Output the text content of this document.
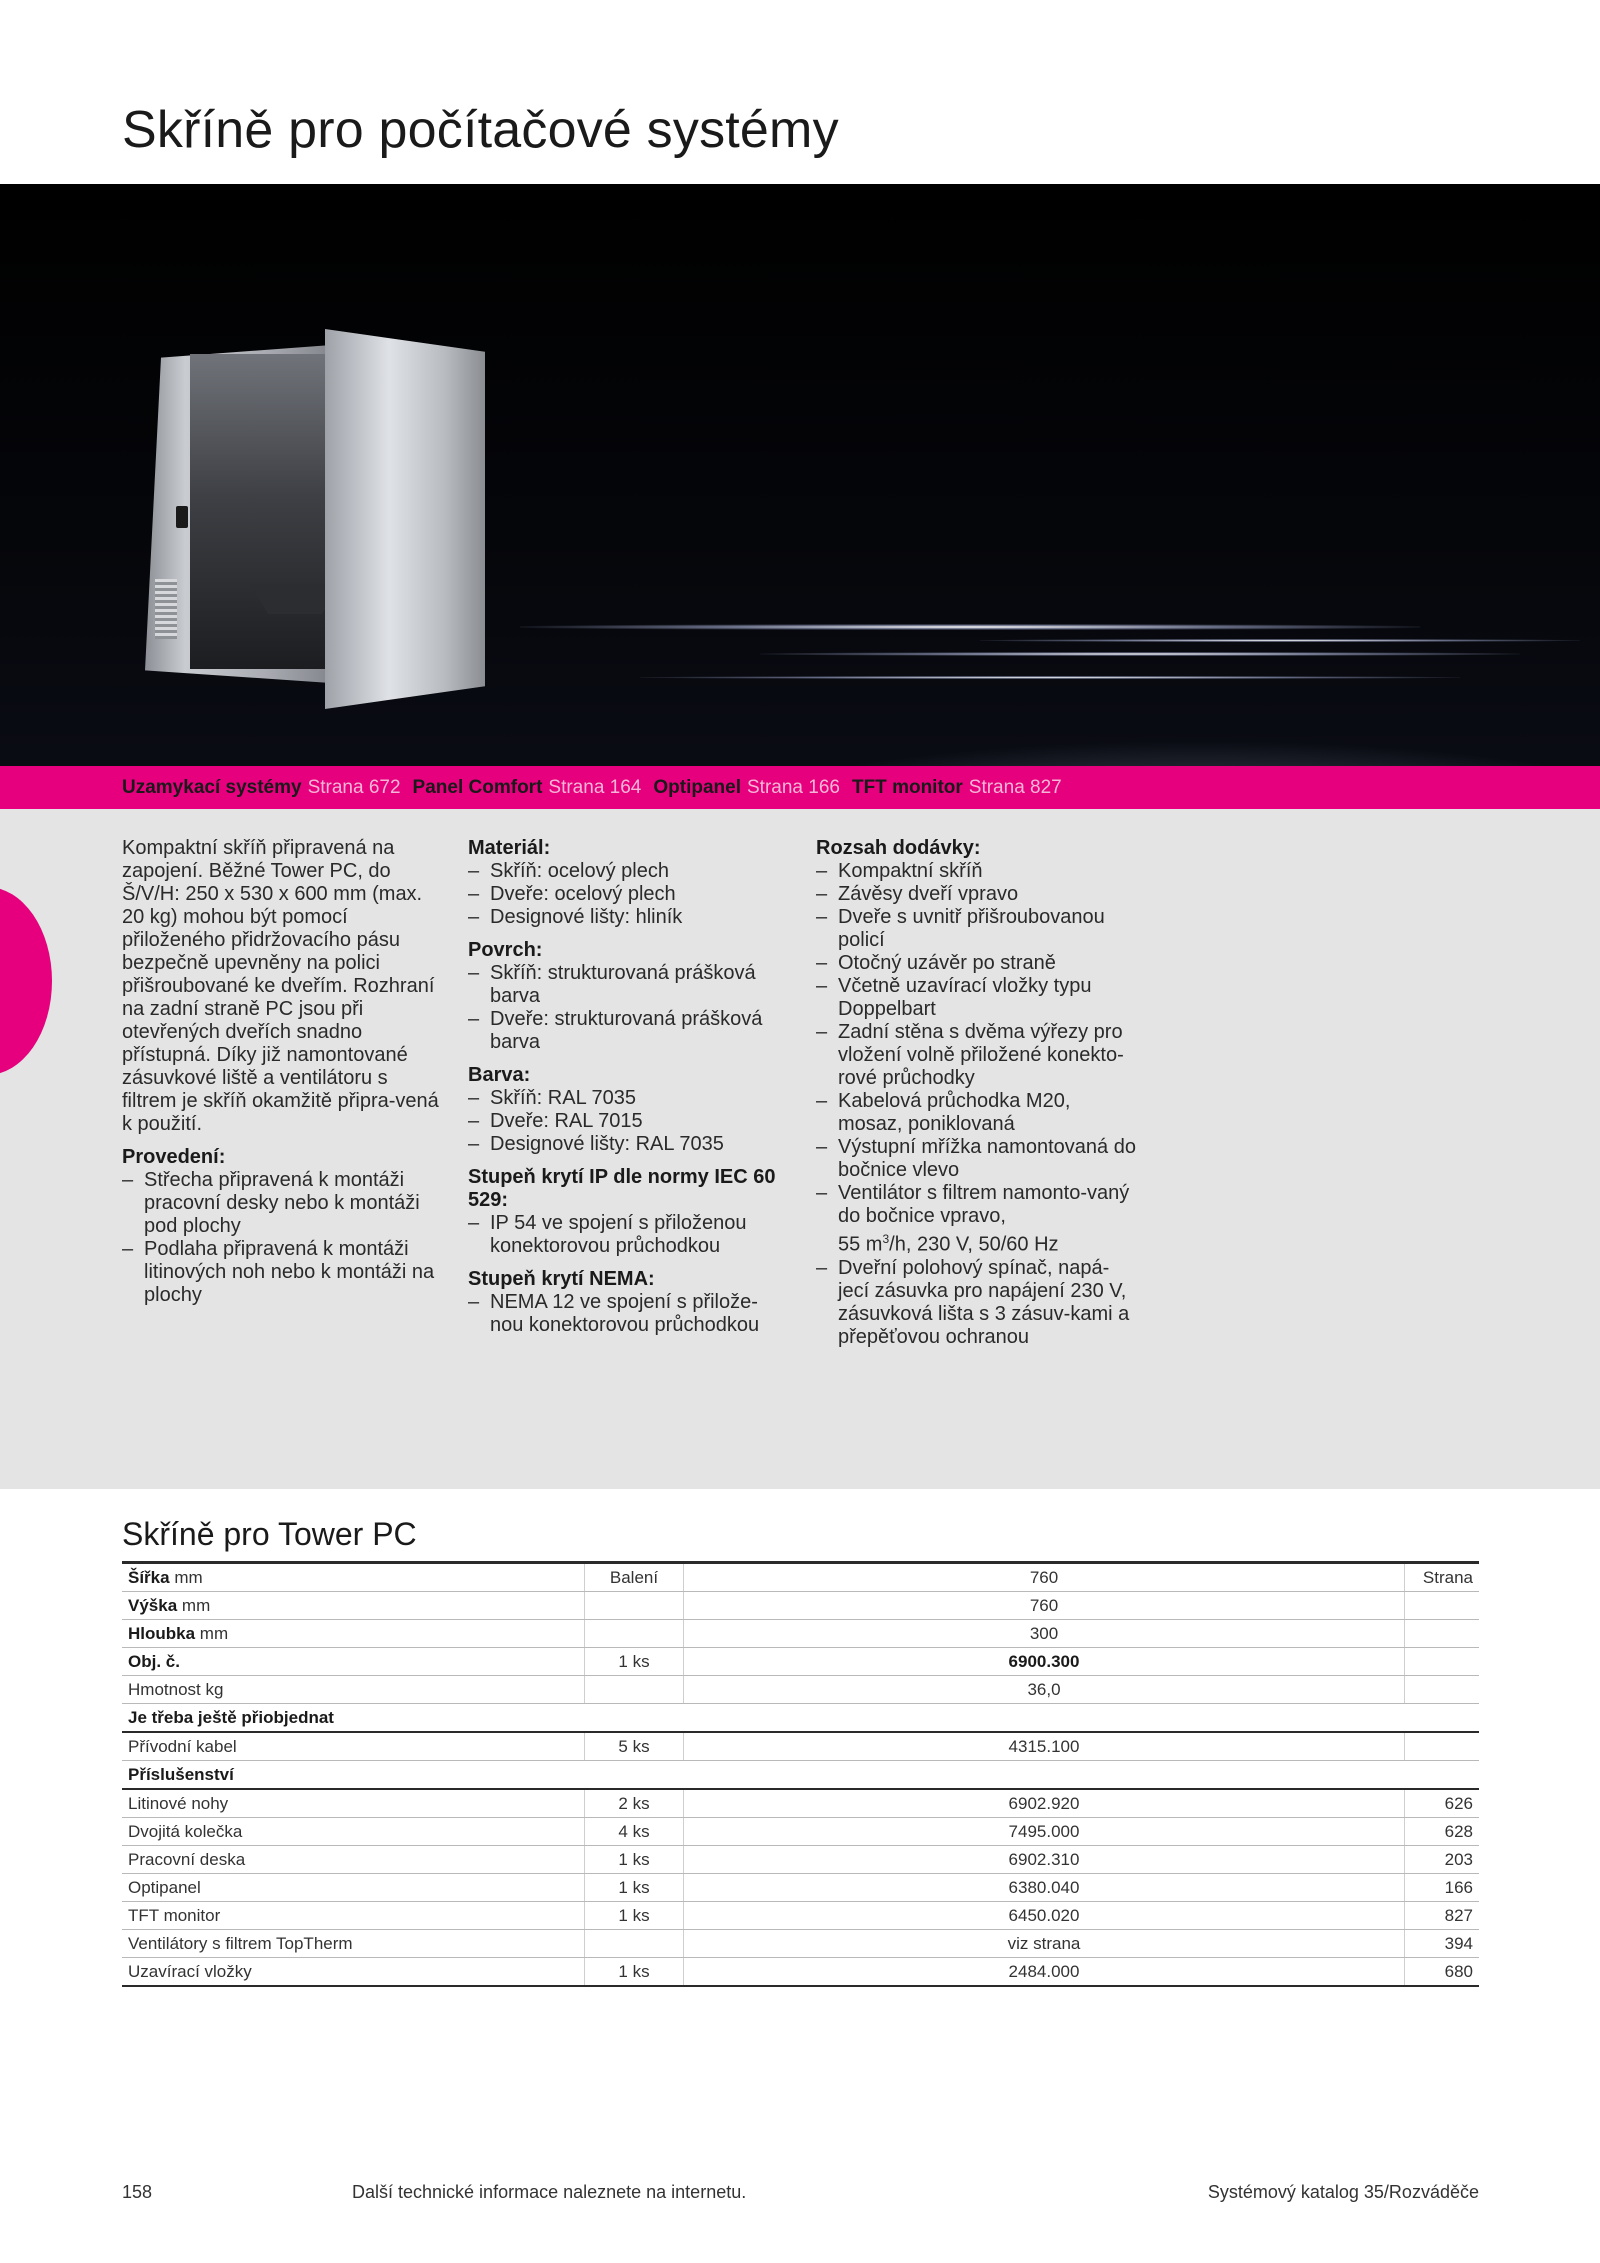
Skříně pro počítačové systémy
Uzamykací systémy Strana 672 Panel Comfort Strana 164 Optipanel Strana 166 TFT monitor Strana 827

Kompaktní skříň připravená na zapojení. Běžné Tower PC, do Š/V/H: 250 x 530 x 600 mm (max. 20 kg) mohou být pomocí přiloženého přidržovacího pásu bezpečně upevněny na polici přišroubované ke dveřím. Rozhraní na zadní straně PC jsou při otevřených dveřích snadno přístupná. Díky již namontované zásuvkové liště a ventilátoru s filtrem je skříň okamžitě připra-vená k použití.

Provedení:
– Střecha připravená k montáži pracovní desky nebo k montáži pod plochy
– Podlaha připravená k montáži litinových noh nebo k montáži na plochy
Materiál:
– Skříň: ocelový plech
– Dveře: ocelový plech
– Designové lišty: hliník
Povrch:
– Skříň: strukturovaná prášková barva
– Dveře: strukturovaná prášková barva
Barva:
– Skříň: RAL 7035
– Dveře: RAL 7015
– Designové lišty: RAL 7035
Stupeň krytí IP dle normy IEC 60 529:
– IP 54 ve spojení s přiloženou konektorovou průchodkou
Stupeň krytí NEMA:
– NEMA 12 ve spojení s přilože-nou konektorovou průchodkou
Rozsah dodávky:
– Kompaktní skříň
– Závěsy dveří vpravo
– Dveře s uvnitř přišroubovanou policí
– Otočný uzávěr po straně
– Včetně uzavírací vložky typu Doppelbart
– Zadní stěna s dvěma výřezy pro vložení volně přiložené konekto-rové průchodky
– Kabelová průchodka M20, mosaz, poniklovaná
– Výstupní mřížka namontovaná do bočnice vlevo
– Ventilátor s filtrem namonto-vaný do bočnice vpravo,
55 $m^3/h$, 230 V, 50/60 Hz
– Dveřní polohový spínač, napá-jecí zásuvka pro napájení 230 V, zásuvková lišta s 3 zásuv-kami a přepěťovou ochranou
Skříně pro Tower PC
Šířka mm	Balení	760	Strana
Výška mm		760	
Hloubka mm		300	
Obj. č.	1 ks	6900.300	
Hmotnost kg		36,0	
Je třeba ještě přiobjednat			
Přívodní kabel	5 ks	4315.100	
Příslušenství			
Litinové nohy	2 ks	6902.920	626
Dvojitá kolečka	4 ks	7495.000	628
Pracovní deska	1 ks	6902.310	203
Optipanel	1 ks	6380.040	166
TFT monitor	1 ks	6450.020	827
Ventilátory s filtrem TopTherm		viz strana	394
Uzavírací vložky	1 ks	2484.000	680
158	Další technické informace naleznete na internetu.	Systémový katalog 35/Rozváděče
